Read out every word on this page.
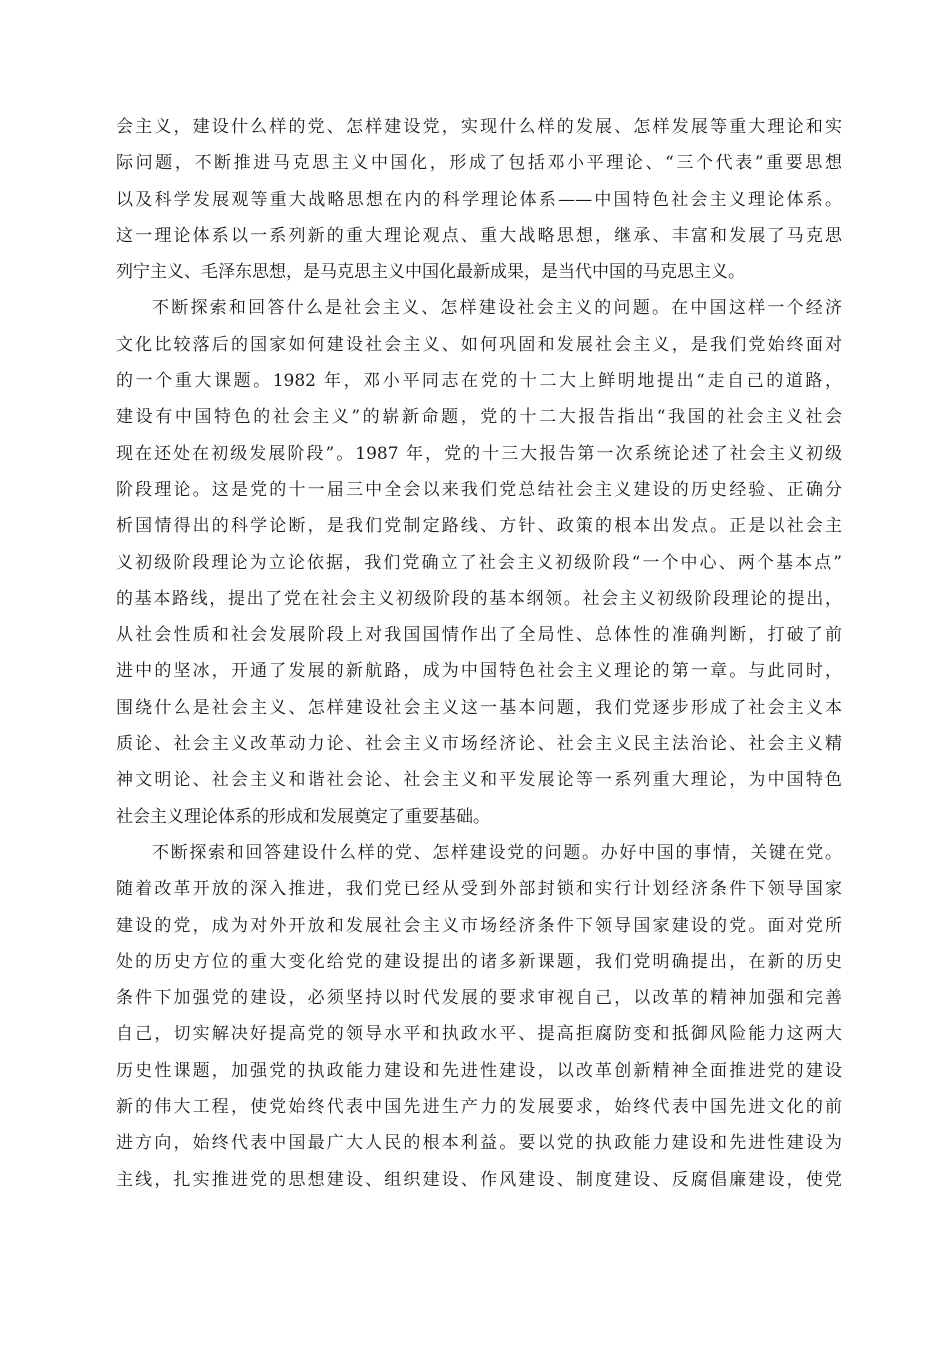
会主义，建设什么样的党、怎样建设党，实现什么样的发展、怎样发展等重大理论和实
际问题，不断推进马克思主义中国化，形成了包括邓小平理论、“三个代表”重要思想
以及科学发展观等重大战略思想在内的科学理论体系——中国特色社会主义理论体系。
这一理论体系以一系列新的重大理论观点、重大战略思想，继承、丰富和发展了马克思
列宁主义、毛泽东思想，是马克思主义中国化最新成果，是当代中国的马克思主义。
不断探索和回答什么是社会主义、怎样建设社会主义的问题。在中国这样一个经济
文化比较落后的国家如何建设社会主义、如何巩固和发展社会主义，是我们党始终面对
的一个重大课题。1982 年，邓小平同志在党的十二大上鲜明地提出“走自己的道路，
建设有中国特色的社会主义”的崭新命题，党的十二大报告指出“我国的社会主义社会
现在还处在初级发展阶段”。1987 年，党的十三大报告第一次系统论述了社会主义初级
阶段理论。这是党的十一届三中全会以来我们党总结社会主义建设的历史经验、正确分
析国情得出的科学论断，是我们党制定路线、方针、政策的根本出发点。正是以社会主
义初级阶段理论为立论依据，我们党确立了社会主义初级阶段“一个中心、两个基本点”
的基本路线，提出了党在社会主义初级阶段的基本纲领。社会主义初级阶段理论的提出，
从社会性质和社会发展阶段上对我国国情作出了全局性、总体性的准确判断，打破了前
进中的坚冰，开通了发展的新航路，成为中国特色社会主义理论的第一章。与此同时，
围绕什么是社会主义、怎样建设社会主义这一基本问题，我们党逐步形成了社会主义本
质论、社会主义改革动力论、社会主义市场经济论、社会主义民主法治论、社会主义精
神文明论、社会主义和谐社会论、社会主义和平发展论等一系列重大理论，为中国特色
社会主义理论体系的形成和发展奠定了重要基础。
不断探索和回答建设什么样的党、怎样建设党的问题。办好中国的事情，关键在党。
随着改革开放的深入推进，我们党已经从受到外部封锁和实行计划经济条件下领导国家
建设的党，成为对外开放和发展社会主义市场经济条件下领导国家建设的党。面对党所
处的历史方位的重大变化给党的建设提出的诸多新课题，我们党明确提出，在新的历史
条件下加强党的建设，必须坚持以时代发展的要求审视自己，以改革的精神加强和完善
自己，切实解决好提高党的领导水平和执政水平、提高拒腐防变和抵御风险能力这两大
历史性课题，加强党的执政能力建设和先进性建设，以改革创新精神全面推进党的建设
新的伟大工程，使党始终代表中国先进生产力的发展要求，始终代表中国先进文化的前
进方向，始终代表中国最广大人民的根本利益。要以党的执政能力建设和先进性建设为
主线，扎实推进党的思想建设、组织建设、作风建设、制度建设、反腐倡廉建设，使党
